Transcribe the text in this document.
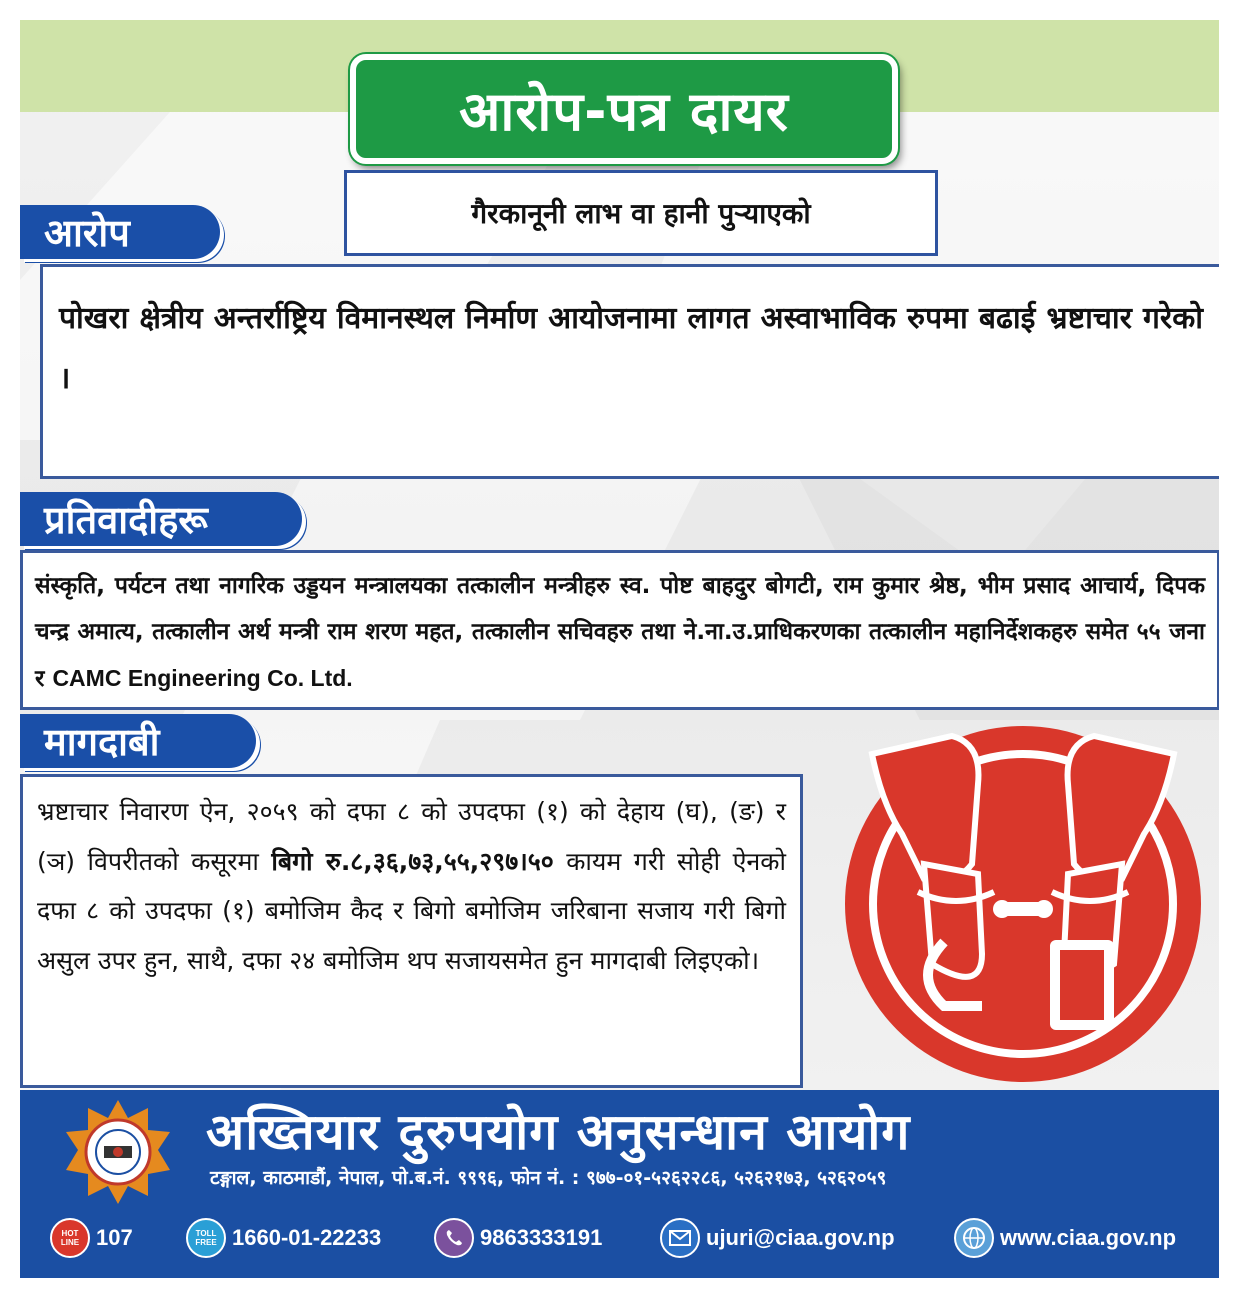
आरोप-पत्र दायर
गैरकानूनी लाभ वा हानी पुऱ्याएको
आरोप
पोखरा क्षेत्रीय अन्तर्राष्ट्रिय विमानस्थल निर्माण आयोजनामा लागत अस्वाभाविक रुपमा बढाई भ्रष्टाचार गरेको ।
प्रतिवादीहरू
संस्कृति, पर्यटन तथा नागरिक उड्डयन मन्त्रालयका तत्कालीन मन्त्रीहरु स्व. पोष्ट बाहदुर बोगटी, राम कुमार श्रेष्ठ, भीम प्रसाद आचार्य, दिपक चन्द्र अमात्य, तत्कालीन अर्थ मन्त्री राम शरण महत, तत्कालीन सचिवहरु तथा ने.ना.उ.प्राधिकरणका तत्कालीन महानिर्देशकहरु समेत ५५ जना र CAMC Engineering Co. Ltd.
मागदाबी
भ्रष्टाचार निवारण ऐन, २०५९ को दफा ८ को उपदफा (१) को देहाय (घ), (ङ) र (ञ) विपरीतको कसूरमा बिगो रु.८,३६,७३,५५,२९७।५० कायम गरी सोही ऐनको दफा ८ को उपदफा (१) बमोजिम कैद र बिगो बमोजिम जरिबाना सजाय गरी बिगो असुल उपर हुन, साथै, दफा २४ बमोजिम थप सजायसमेत हुन मागदाबी लिइएको।
अख्तियार दुरुपयोग अनुसन्धान आयोग
टङ्गाल, काठमाडौं, नेपाल, पो.ब.नं. ९९९६, फोन नं. : ९७७-०१-५२६२२८६, ५२६२१७३, ५२६२०५९
HOT LINE 107	TOLL FREE 1660-01-22233	9863333191	ujuri@ciaa.gov.np	www.ciaa.gov.np
